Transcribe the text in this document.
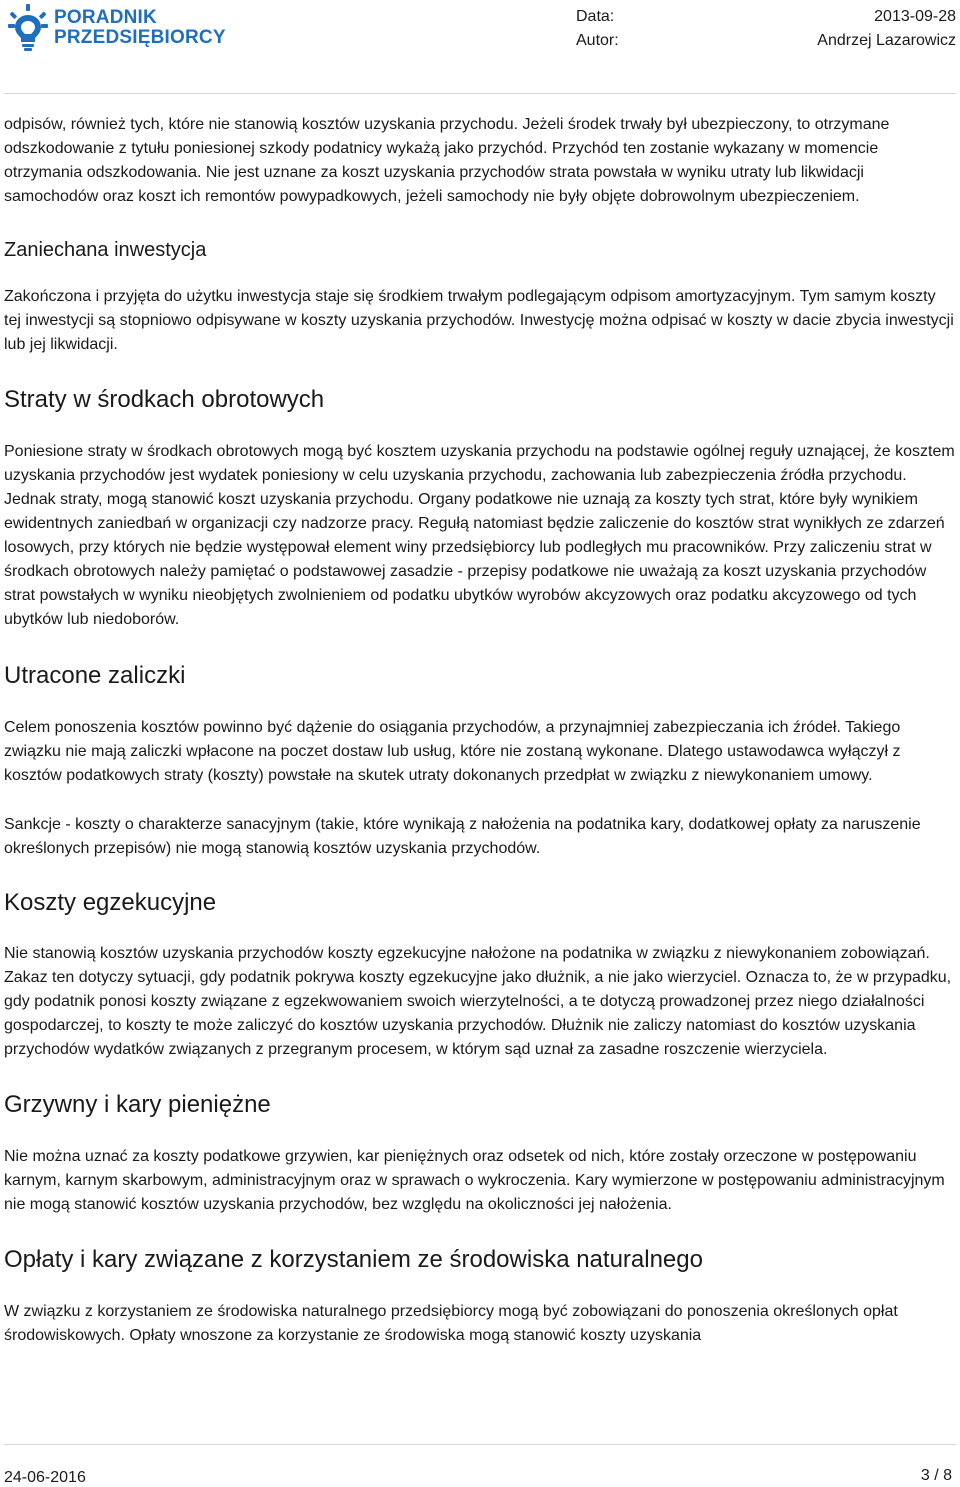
PORADNIK
PRZEDSIĘBIORCY
Data:
Autor:
2013-09-28
Andrzej Lazarowicz

odpisów, również tych, które nie stanowią kosztów uzyskania przychodu. Jeżeli środek trwały był ubezpieczony, to otrzymane odszkodowanie z tytułu poniesionej szkody podatnicy wykażą jako przychód. Przychód ten zostanie wykazany w momencie otrzymania odszkodowania. Nie jest uznane za koszt uzyskania przychodów strata powstała w wyniku utraty lub likwidacji samochodów oraz koszt ich remontów powypadkowych, jeżeli samochody nie były objęte dobrowolnym ubezpieczeniem.

Zaniechana inwestycja

Zakończona i przyjęta do użytku inwestycja staje się środkiem trwałym podlegającym odpisom amortyzacyjnym. Tym samym koszty tej inwestycji są stopniowo odpisywane w koszty uzyskania przychodów. Inwestycję można odpisać w koszty w dacie zbycia inwestycji lub jej likwidacji.

Straty w środkach obrotowych

Poniesione straty w środkach obrotowych mogą być kosztem uzyskania przychodu na podstawie ogólnej reguły uznającej, że kosztem uzyskania przychodów jest wydatek poniesiony w celu uzyskania przychodu, zachowania lub zabezpieczenia źródła przychodu. Jednak straty, mogą stanowić koszt uzyskania przychodu. Organy podatkowe nie uznają za koszty tych strat, które były wynikiem ewidentnych zaniedbań w organizacji czy nadzorze pracy. Regułą natomiast będzie zaliczenie do kosztów strat wynikłych ze zdarzeń losowych, przy których nie będzie występował element winy przedsiębiorcy lub podległych mu pracowników. Przy zaliczeniu strat w środkach obrotowych należy pamiętać o podstawowej zasadzie - przepisy podatkowe nie uważają za koszt uzyskania przychodów strat powstałych w wyniku nieobjętych zwolnieniem od podatku ubytków wyrobów akcyzowych oraz podatku akcyzowego od tych ubytków lub niedoborów.

Utracone zaliczki

Celem ponoszenia kosztów powinno być dążenie do osiągania przychodów, a przynajmniej zabezpieczania ich źródeł. Takiego związku nie mają zaliczki wpłacone na poczet dostaw lub usług, które nie zostaną wykonane. Dlatego ustawodawca wyłączył z kosztów podatkowych straty (koszty) powstałe na skutek utraty dokonanych przedpłat w związku z niewykonaniem umowy.

Sankcje - koszty o charakterze sanacyjnym (takie, które wynikają z nałożenia na podatnika kary, dodatkowej opłaty za naruszenie określonych przepisów) nie mogą stanowią kosztów uzyskania przychodów.

Koszty egzekucyjne

Nie stanowią kosztów uzyskania przychodów koszty egzekucyjne nałożone na podatnika w związku z niewykonaniem zobowiązań. Zakaz ten dotyczy sytuacji, gdy podatnik pokrywa koszty egzekucyjne jako dłużnik, a nie jako wierzyciel. Oznacza to, że w przypadku, gdy podatnik ponosi koszty związane z egzekwowaniem swoich wierzytelności, a te dotyczą prowadzonej przez niego działalności gospodarczej, to koszty te może zaliczyć do kosztów uzyskania przychodów. Dłużnik nie zaliczy natomiast do kosztów uzyskania przychodów wydatków związanych z przegranym procesem, w którym sąd uznał za zasadne roszczenie wierzyciela.

Grzywny i kary pieniężne

Nie można uznać za koszty podatkowe grzywien, kar pieniężnych oraz odsetek od nich, które zostały orzeczone w postępowaniu karnym, karnym skarbowym, administracyjnym oraz w sprawach o wykroczenia. Kary wymierzone w postępowaniu administracyjnym nie mogą stanowić kosztów uzyskania przychodów, bez względu na okoliczności jej nałożenia.

Opłaty i kary związane z korzystaniem ze środowiska naturalnego

W związku z korzystaniem ze środowiska naturalnego przedsiębiorcy mogą być zobowiązani do ponoszenia określonych opłat środowiskowych. Opłaty wnoszone za korzystanie ze środowiska mogą stanowić koszty uzyskania

24-06-2016	3 / 8
